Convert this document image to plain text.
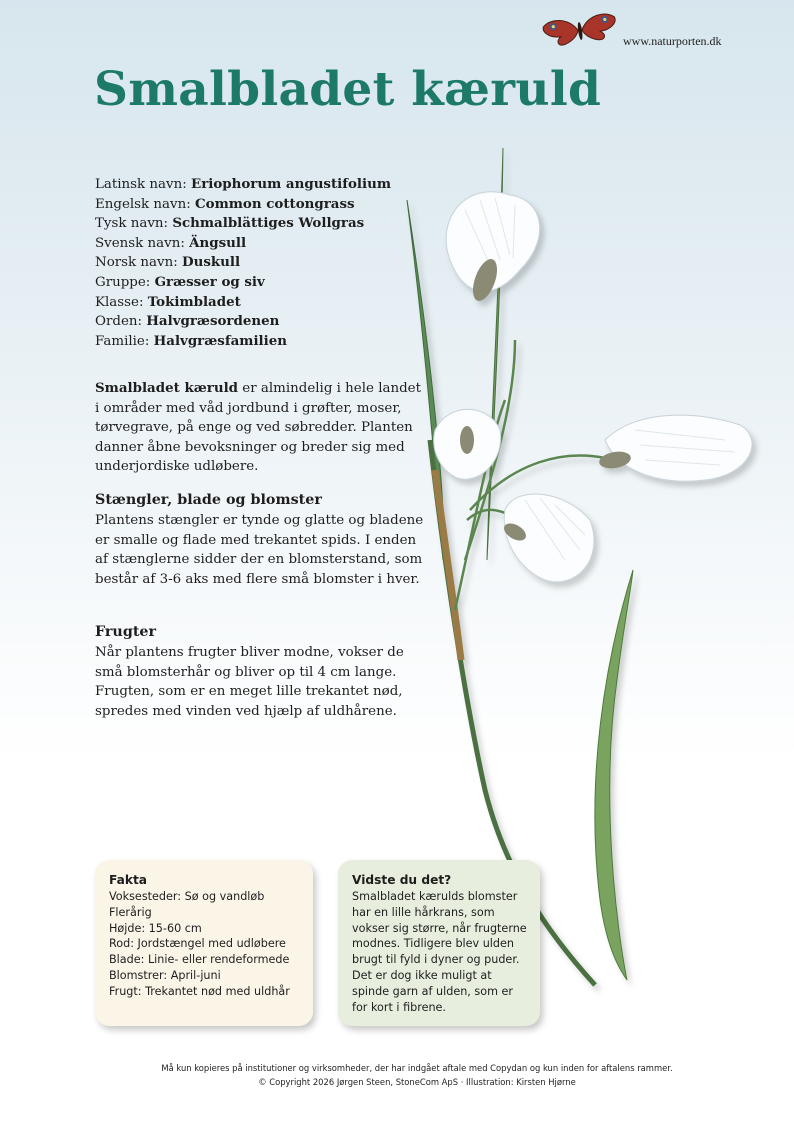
www.naturporten.dk
Smalbladet kæruld
Latinsk navn: Eriophorum angustifolium
Engelsk navn: Common cottongrass
Tysk navn: Schmalblättiges Wollgras
Svensk navn: Ängsull
Norsk navn: Duskull
Gruppe: Græsser og siv
Klasse: Tokimbladet
Orden: Halvgræsordenen
Familie: Halvgræsfamilien

Smalbladet kæruld er almindelig i hele landet i områder med våd jordbund i grøfter, moser, tørvegrave, på enge og ved søbredder. Planten danner åbne bevoksninger og breder sig med underjordiske udløbere.

Stængler, blade og blomster

Plantens stængler er tynde og glatte og bladene er smalle og flade med trekantet spids. I enden af stænglerne sidder der en blomsterstand, som består af 3-6 aks med flere små blomster i hver.

Frugter

Når plantens frugter bliver modne, vokser de små blomsterhår og bliver op til 4 cm lange. Frugten, som er en meget lille trekantet nød, spredes med vinden ved hjælp af uldhårene.

Fakta
Voksesteder: Sø og vandløb
Flerårig
Højde: 15-60 cm
Rod: Jordstængel med udløbere
Blade: Linie- eller rendeformede
Blomstrer: April-juni
Frugt: Trekantet nød med uldhår
Vidste du det?
Smalbladet kærulds blomster har en lille hårkrans, som vokser sig større, når frugterne modnes. Tidligere blev ulden brugt til fyld i dyner og puder. Det er dog ikke muligt at spinde garn af ulden, som er for kort i fibrene.
Må kun kopieres på institutioner og virksomheder, der har indgået aftale med Copydan og kun inden for aftalens rammer.
© Copyright 2026 Jørgen Steen, StoneCom ApS · Illustration: Kirsten Hjørne
